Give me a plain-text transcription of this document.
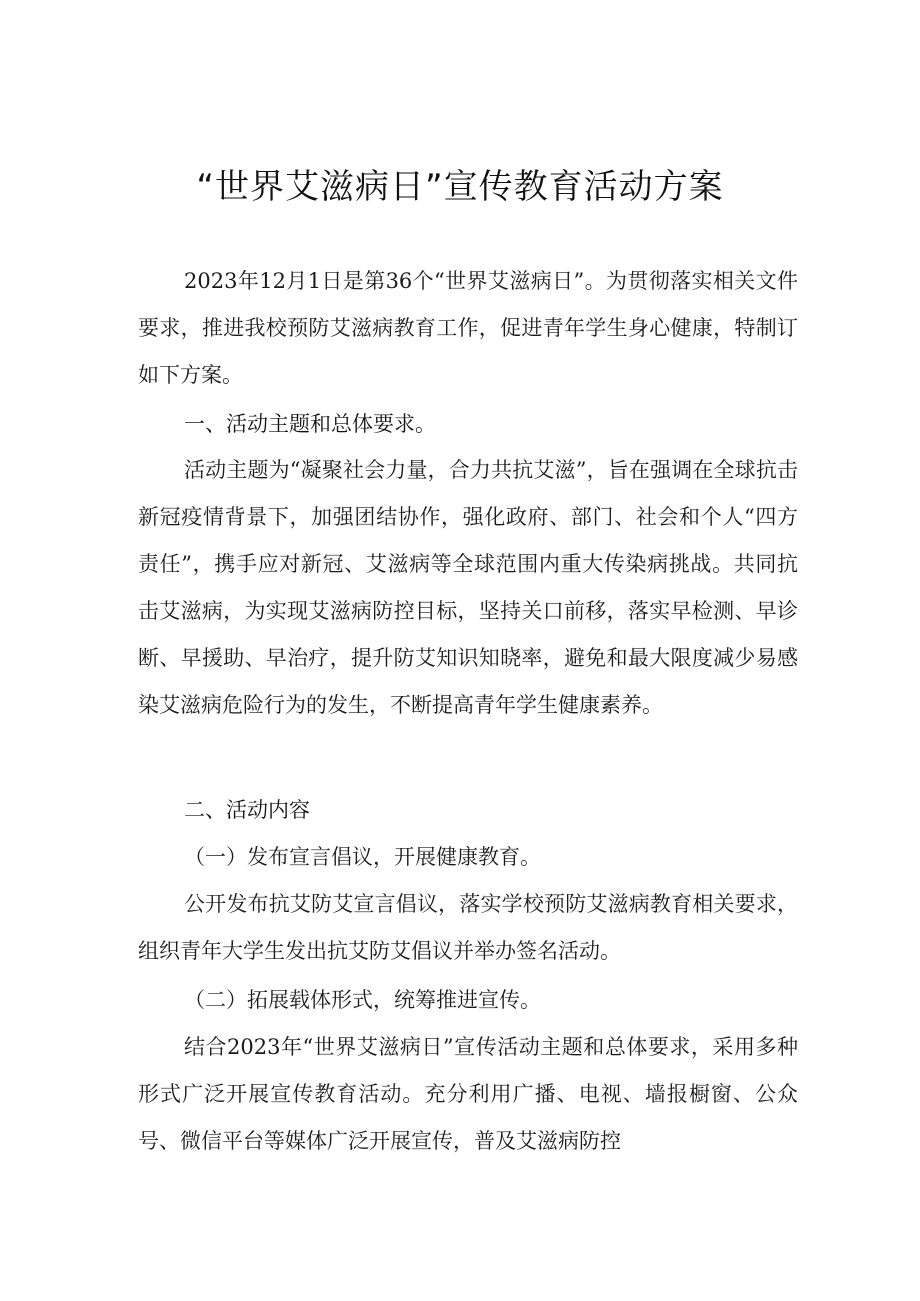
“世界艾滋病日”宣传教育活动方案

2023年12月1日是第36个“世界艾滋病日”。为贯彻落实相关文件要求，推进我校预防艾滋病教育工作，促进青年学生身心健康，特制订如下方案。

一、活动主题和总体要求。

活动主题为“凝聚社会力量，合力共抗艾滋”，旨在强调在全球抗击新冠疫情背景下，加强团结协作，强化政府、部门、社会和个人“四方责任”，携手应对新冠、艾滋病等全球范围内重大传染病挑战。共同抗击艾滋病，为实现艾滋病防控目标，坚持关口前移，落实早检测、早诊断、早援助、早治疗，提升防艾知识知晓率，避免和最大限度减少易感染艾滋病危险行为的发生，不断提高青年学生健康素养。

二、活动内容

（一）发布宣言倡议，开展健康教育。

公开发布抗艾防艾宣言倡议，落实学校预防艾滋病教育相关要求，组织青年大学生发出抗艾防艾倡议并举办签名活动。

（二）拓展载体形式，统筹推进宣传。

结合2023年“世界艾滋病日”宣传活动主题和总体要求，采用多种形式广泛开展宣传教育活动。充分利用广播、电视、墙报橱窗、公众号、微信平台等媒体广泛开展宣传，普及艾滋病防控
